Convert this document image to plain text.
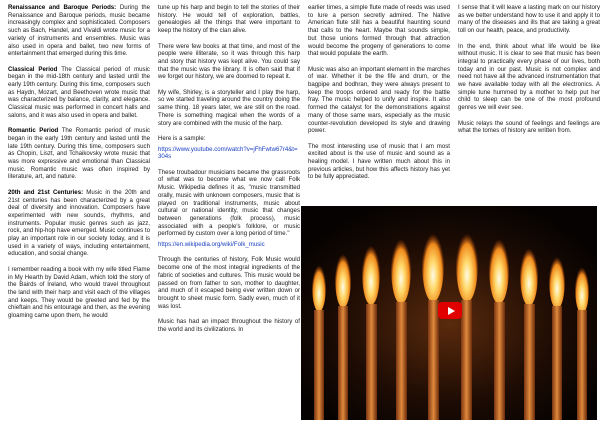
Renaissance and Baroque Periods: During the Renaissance and Baroque periods, music became increasingly complex and sophisticated. Composers such as Bach, Handel, and Vivaldi wrote music for a variety of instruments and ensembles. Music was also used in opera and ballet, two new forms of entertainment that emerged during this time.

Classical Period The Classical period of music began in the mid-18th century and lasted until the early 19th century. During this time, composers such as Haydn, Mozart, and Beethoven wrote music that was characterized by balance, clarity, and elegance. Classical music was performed in concert halls and salons, and it was also used in opera and ballet.

Romantic Period The Romantic period of music began in the early 19th century and lasted until the late 19th century. During this time, composers such as Chopin, Liszt, and Tchaikovsky wrote music that was more expressive and emotional than Classical music. Romantic music was often inspired by literature, art, and nature.

20th and 21st Centuries: Music in the 20th and 21st centuries has been characterized by a great deal of diversity and innovation. Composers have experimented with new sounds, rhythms, and instruments. Popular music genres such as jazz, rock, and hip-hop have emerged. Music continues to play an important role in our society today, and it is used in a variety of ways, including entertainment, education, and social change.

I remember reading a book with my wife titled Flame in My Hearth by David Adam, which told the story of the Bairds of Ireland, who would travel throughout the land with their harp and visit each of the villages and keeps. They would be greeted and fed by the chieftain and his entourage and then, as the evening gloaming came upon them, he would

tune up his harp and begin to tell the stories of their history. He would tell of exploration, battles, genealogies all the things that were important to keep the history of the clan alive.

There were few books at that time, and most of the people were illiterate, so it was through this harp and story that history was kept alive. You could say that the music was the library. It is often said that if we forget our history, we are doomed to repeat it.

My wife, Shirley, is a storyteller and I play the harp, so we started traveling around the country doing the same thing. 18 years later, we are still on the road. There is something magical when the words of a story are combined with the music of the harp.

Here is a sample:

https://www.youtube.com/watch?v=jFhFwtw67r4&t=304s

These troubadour musicians became the grassroots of what was to become what we now call Folk Music. Wikipedia defines it as, "music transmitted orally, music with unknown composers, music that is played on traditional instruments, music about cultural or national identity, music that changes between generations (folk process), music associated with a people's folklore, or music performed by custom over a long period of time."

https://en.wikipedia.org/wiki/Folk_music

Through the centuries of history, Folk Music would become one of the most integral ingredients of the fabric of societies and cultures. This music would be passed on from father to son, mother to daughter, and much of it escaped being ever written down or brought to sheet music form. Sadly even, much of it was lost.

Music has had an impact throughout the history of the world and its civilizations. In

earlier times, a simple flute made of reeds was used to lure a person secretly admired. The Native American flute still has a beautiful haunting sound that calls to the heart. Maybe that sounds simple, but those unions formed through that attraction would become the progeny of generations to come that would populate the earth.

Music was also an important element in the marches of war. Whether it be the fife and drum, or the bagpipe and bodhran, they were always present to keep the troops ordered and ready for the battle fray. The music helped to unify and inspire. It also formed the catalyst for the demonstrations against many of those same wars, especially as the music counter-revolution developed its style and drawing power.

The most interesting use of music that I am most excited about is the use of music and sound as a healing model. I have written much about this in previous articles, but how this affects history has yet to be fully appreciated.

I sense that it will leave a lasting mark on our history as we better understand how to use it and apply it to many of the diseases and ills that are taking a great toll on our health, peace, and productivity.

In the end, think about what life would be like without music. It is clear to see that music has been integral to practically every phase of our lives, both today and in our past. Music is not complex and need not have all the advanced instrumentation that we have available today with all the electronics. A simple tune hummed by a mother to help put her child to sleep can be one of the most profound genres we will ever see.

Music relays the sound of feelings and feelings are what the tomes of history are written from.
